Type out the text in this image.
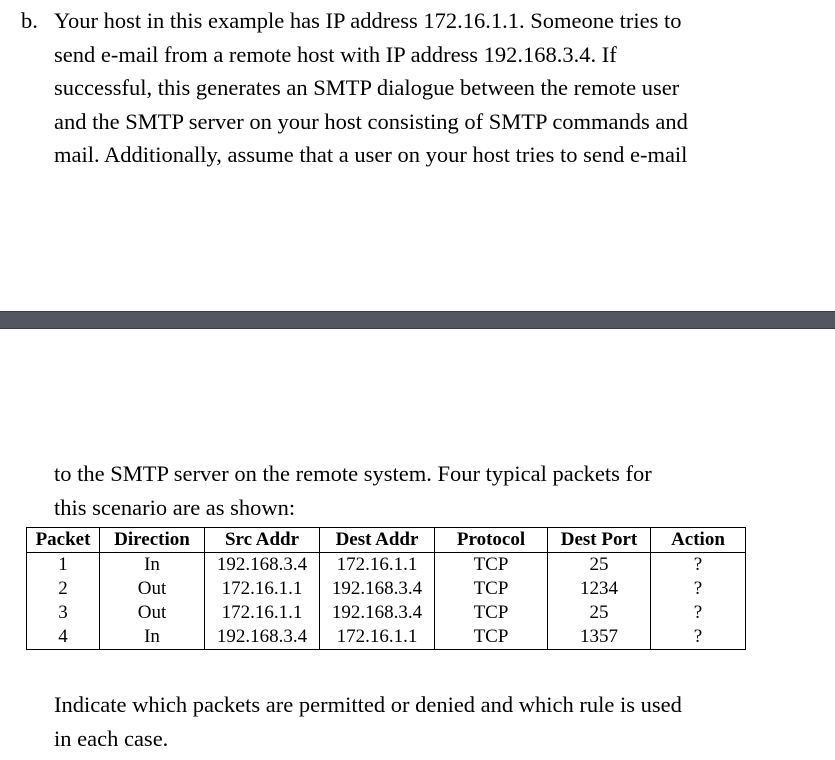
b. Your host in this example has IP address 172.16.1.1. Someone tries to
send e-mail from a remote host with IP address 192.168.3.4. If
successful, this generates an SMTP dialogue between the remote user
and the SMTP server on your host consisting of SMTP commands and
mail. Additionally, assume that a user on your host tries to send e-mail
to the SMTP server on the remote system. Four typical packets for
this scenario are as shown:
Packet	Direction	Src Addr	Dest Addr	Protocol	Dest Port	Action
1	In	192.168.3.4	172.16.1.1	TCP	25	?
2	Out	172.16.1.1	192.168.3.4	TCP	1234	?
3	Out	172.16.1.1	192.168.3.4	TCP	25	?
4	In	192.168.3.4	172.16.1.1	TCP	1357	?
Indicate which packets are permitted or denied and which rule is used
in each case.
